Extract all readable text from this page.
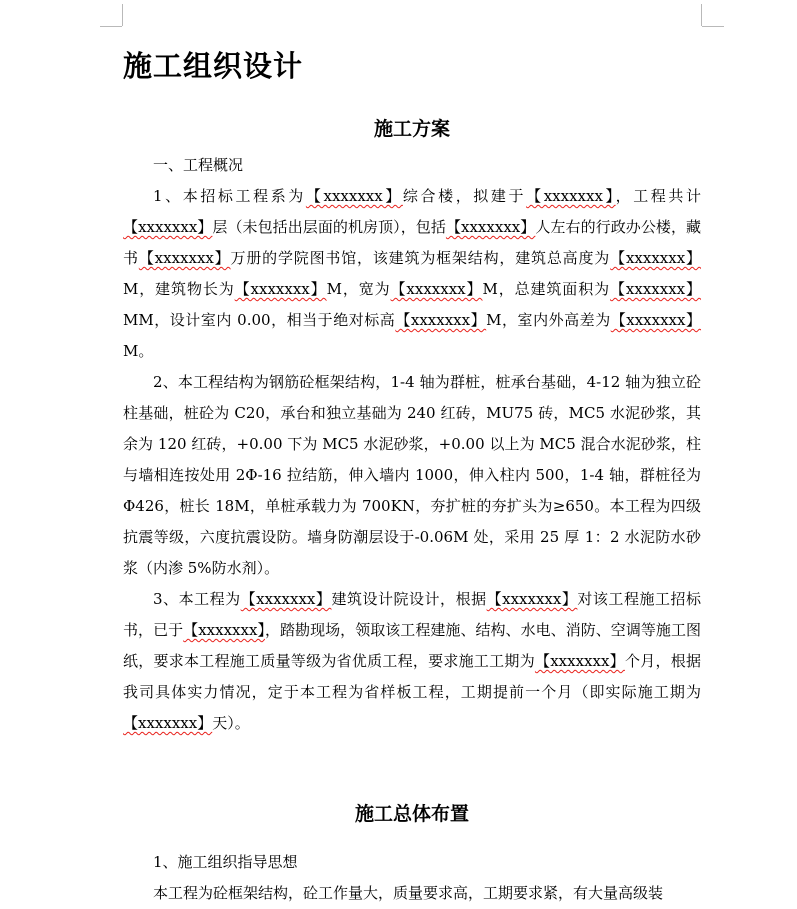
施工组织设计
施工方案
一、工程概况

1、本招标工程系为【xxxxxxx】综合楼，拟建于【xxxxxxx】，工程共计【xxxxxxx】层（未包括出层面的机房顶），包括【xxxxxxx】人左右的行政办公楼，藏书【xxxxxxx】万册的学院图书馆，该建筑为框架结构，建筑总高度为【xxxxxxx】M，建筑物长为【xxxxxxx】M，宽为【xxxxxxx】M，总建筑面积为【xxxxxxx】MM，设计室内 0.00，相当于绝对标高【xxxxxxx】M，室内外高差为【xxxxxxx】M。

2、本工程结构为钢筋砼框架结构，1-4 轴为群桩，桩承台基础，4-12 轴为独立砼柱基础，桩砼为 C20，承台和独立基础为 240 红砖，MU75 砖，MC5 水泥砂浆，其余为 120 红砖，+0.00 下为 MC5 水泥砂浆，+0.00 以上为 MC5 混合水泥砂浆，柱与墙相连按处用 2Φ-16 拉结筋，伸入墙内 1000，伸入柱内 500，1-4 轴，群桩径为Φ426，桩长 18M，单桩承载力为 700KN，夯扩桩的夯扩头为≥650。本工程为四级抗震等级，六度抗震设防。墙身防潮层设于-0.06M 处，采用 25 厚 1：2 水泥防水砂浆（内渗 5%防水剂）。

3、本工程为【xxxxxxx】建筑设计院设计，根据【xxxxxxx】对该工程施工招标书，已于【xxxxxxx】，踏勘现场，领取该工程建施、结构、水电、消防、空调等施工图纸，要求本工程施工质量等级为省优质工程，要求施工工期为【xxxxxxx】个月，根据我司具体实力情况，定于本工程为省样板工程，工期提前一个月（即实际施工期为【xxxxxxx】天）。

施工总体布置
1、施工组织指导思想

本工程为砼框架结构，砼工作量大，质量要求高，工期要求紧，有大量高级装
